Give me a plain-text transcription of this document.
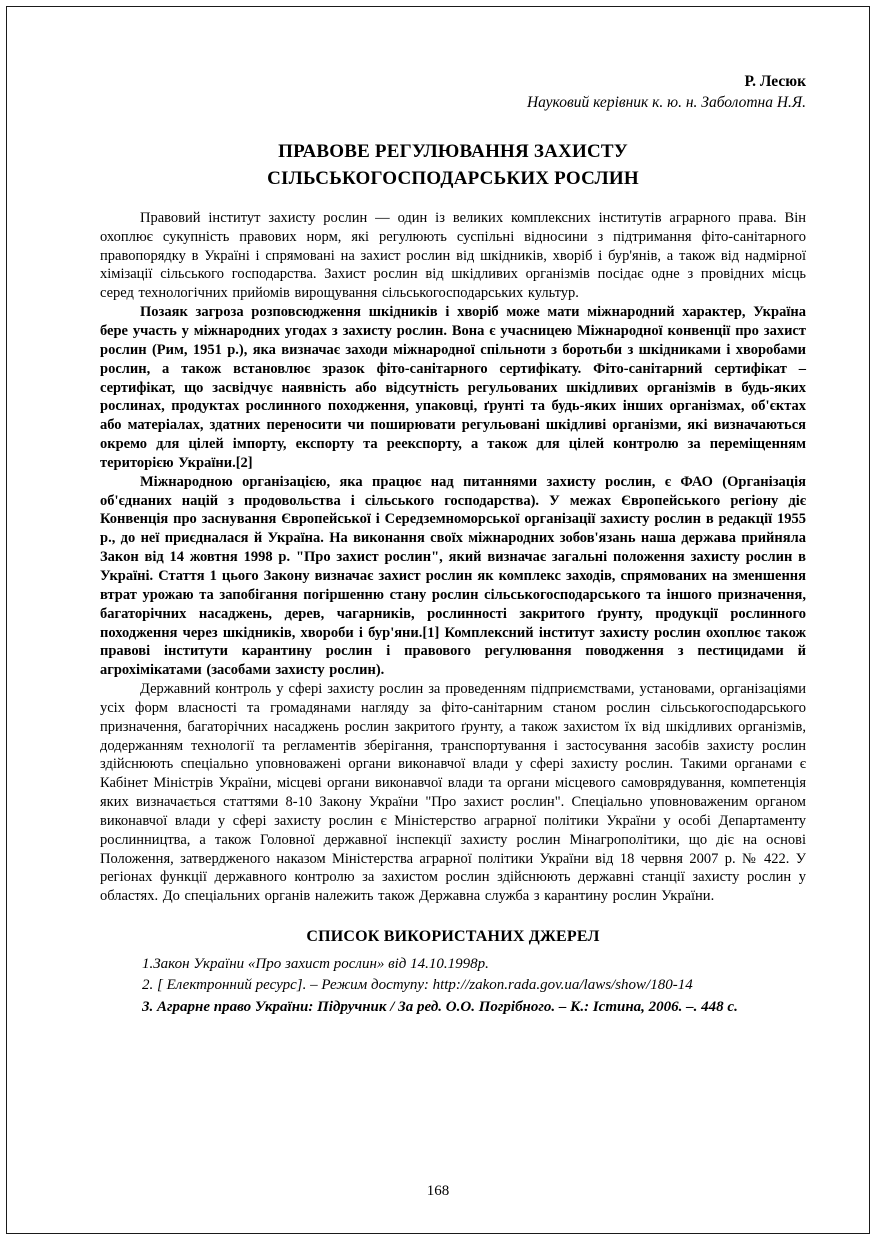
Р. Лесюк
Науковий керівник к. ю. н. Заболотна Н.Я.
ПРАВОВЕ РЕГУЛЮВАННЯ ЗАХИСТУ
СІЛЬСЬКОГОСПОДАРСЬКИХ РОСЛИН

Правовий інститут захисту рослин — один із великих комплексних інститутів аграрного права. Він охоплює сукупність правових норм, які регулюють суспільні відносини з підтримання фіто-санітарного правопорядку в Україні і спрямовані на захист рослин від шкідників, хворіб і бур'янів, а також від надмірної хімізації сільського господарства. Захист рослин від шкідливих організмів посідає одне з провідних місць серед технологічних прийомів вирощування сільськогосподарських культур.

Позаяк загроза розповсюдження шкідників і хворіб може мати міжнародний характер, Україна бере участь у міжнародних угодах з захисту рослин. Вона є учасницею Міжнародної конвенції про захист рослин (Рим, 1951 р.), яка визначає заходи міжнародної спільноти з боротьби з шкідниками і хворобами рослин, а також встановлює зразок фіто-санітарного сертифікату. Фіто-санітарний сертифікат – сертифікат, що засвідчує наявність або відсутність регульованих шкідливих організмів в будь-яких рослинах, продуктах рослинного походження, упаковці, ґрунті та будь-яких інших організмах, об'єктах або матеріалах, здатних переносити чи поширювати регульовані шкідливі організми, які визначаються окремо для цілей імпорту, експорту та реекспорту, а також для цілей контролю за переміщенням територією України.[2]

Міжнародною організацією, яка працює над питаннями захисту рослин, є ФАО (Організація об'єднаних націй з продовольства і сільського господарства). У межах Європейського регіону діє Конвенція про заснування Європейської і Середземноморської організації захисту рослин в редакції 1955 р., до неї приєдналася й Україна. На виконання своїх міжнародних зобов'язань наша держава прийняла Закон від 14 жовтня 1998 р. "Про захист рослин", який визначає загальні положення захисту рослин в Україні. Стаття 1 цього Закону визначає захист рослин як комплекс заходів, спрямованих на зменшення втрат урожаю та запобігання погіршенню стану рослин сільськогосподарського та іншого призначення, багаторічних насаджень, дерев, чагарників, рослинності закритого ґрунту, продукції рослинного походження через шкідників, хвороби і бур'яни.[1] Комплексний інститут захисту рослин охоплює також правові інститути карантину рослин і правового регулювання поводження з пестицидами й агрохімікатами (засобами захисту рослин).

Державний контроль у сфері захисту рослин за проведенням підприємствами, установами, організаціями усіх форм власності та громадянами нагляду за фіто-санітарним станом рослин сільськогосподарського призначення, багаторічних насаджень рослин закритого ґрунту, а також захистом їх від шкідливих організмів, додержанням технології та регламентів зберігання, транспортування і застосування засобів захисту рослин здійснюють спеціально уповноважені органи виконавчої влади у сфері захисту рослин. Такими органами є Кабінет Міністрів України, місцеві органи виконавчої влади та органи місцевого самоврядування, компетенція яких визначається статтями 8-10 Закону України "Про захист рослин". Спеціально уповноваженим органом виконавчої влади у сфері захисту рослин є Міністерство аграрної політики України у особі Департаменту рослинництва, а також Головної державної інспекції захисту рослин Мінагрополітики, що діє на основі Положення, затвердженого наказом Міністерства аграрної політики України від 18 червня 2007 р. № 422. У регіонах функції державного контролю за захистом рослин здійснюють державні станції захисту рослин у областях. До спеціальних органів належить також Державна служба з карантину рослин України.

СПИСОК ВИКОРИСТАНИХ ДЖЕРЕЛ
1.Закон України «Про захист рослин» від 14.10.1998р.
2. [ Електронний ресурс]. – Режим доступу: http://zakon.rada.gov.ua/laws/show/180-14
3. Аграрне право України: Підручник / За ред. О.О. Погрібного. – К.: Істина, 2006. –. 448 с.
168
